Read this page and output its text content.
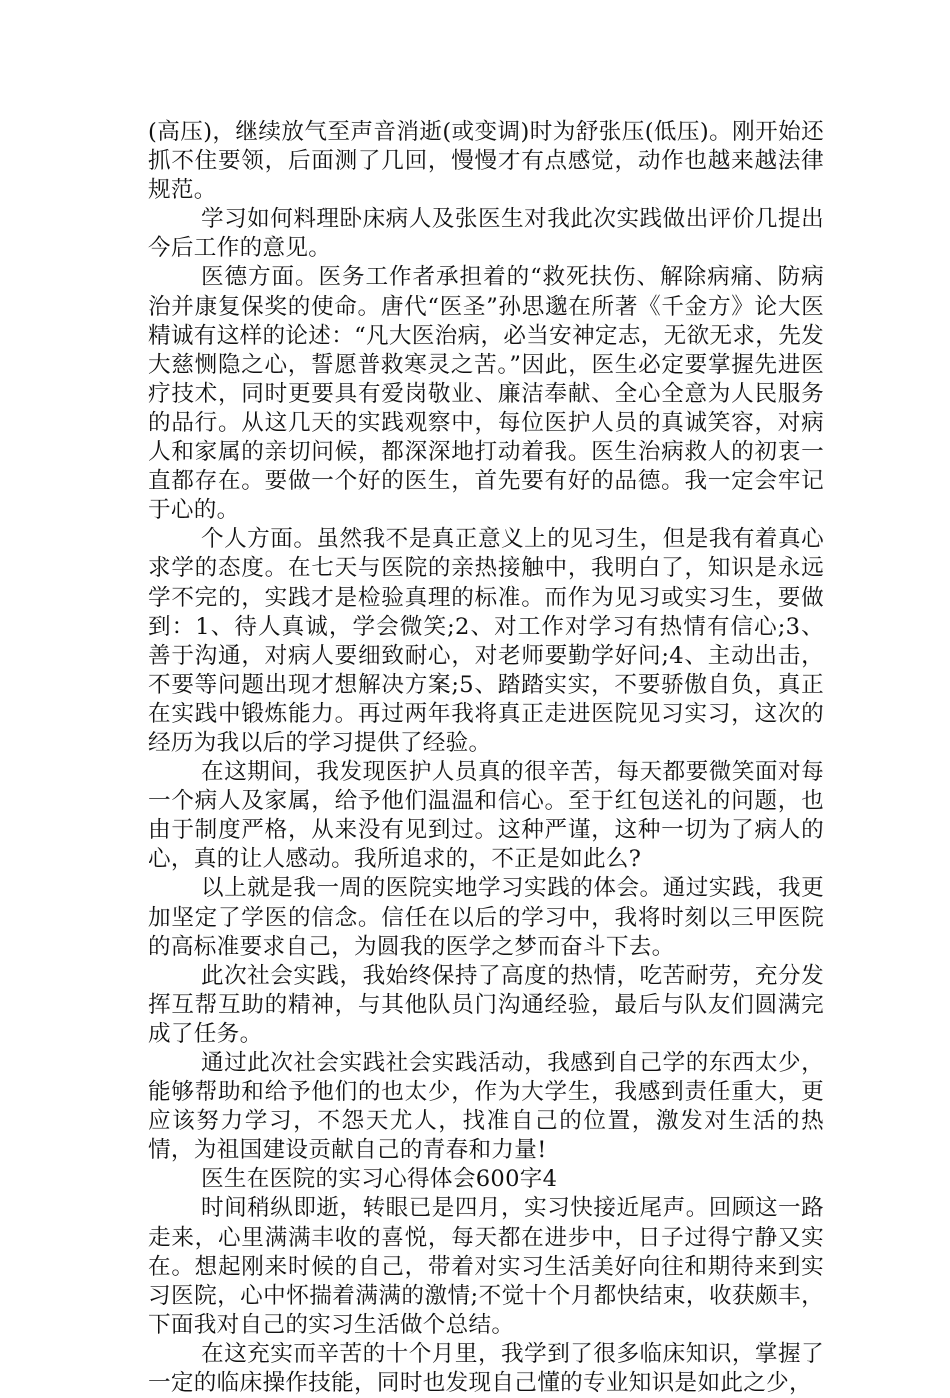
(高压)，继续放气至声音消逝(或变调)时为舒张压(低压)。刚开始还抓不住要领，后面测了几回，慢慢才有点感觉，动作也越来越法律规范。

学习如何料理卧床病人及张医生对我此次实践做出评价几提出今后工作的意见。

医德方面。医务工作者承担着的“救死扶伤、解除病痛、防病治并康复保奖的使命。唐代“医圣”孙思邈在所著《千金方》论大医精诚有这样的论述：“凡大医治病，必当安神定志，无欲无求，先发大慈恻隐之心，誓愿普救寒灵之苦。”因此，医生必定要掌握先进医疗技术，同时更要具有爱岗敬业、廉洁奉献、全心全意为人民服务的品行。从这几天的实践观察中，每位医护人员的真诚笑容，对病人和家属的亲切问候，都深深地打动着我。医生治病救人的初衷一直都存在。要做一个好的医生，首先要有好的品德。我一定会牢记于心的。

个人方面。虽然我不是真正意义上的见习生，但是我有着真心求学的态度。在七天与医院的亲热接触中，我明白了，知识是永远学不完的，实践才是检验真理的标准。而作为见习或实习生，要做到：1、待人真诚，学会微笑;2、对工作对学习有热情有信心;3、善于沟通，对病人要细致耐心，对老师要勤学好问;4、主动出击，不要等问题出现才想解决方案;5、踏踏实实，不要骄傲自负，真正在实践中锻炼能力。再过两年我将真正走进医院见习实习，这次的经历为我以后的学习提供了经验。

在这期间，我发现医护人员真的很辛苦，每天都要微笑面对每一个病人及家属，给予他们温温和信心。至于红包送礼的问题，也由于制度严格，从来没有见到过。这种严谨，这种一切为了病人的心，真的让人感动。我所追求的，不正是如此么?

以上就是我一周的医院实地学习实践的体会。通过实践，我更加坚定了学医的信念。信任在以后的学习中，我将时刻以三甲医院的高标准要求自己，为圆我的医学之梦而奋斗下去。

此次社会实践，我始终保持了高度的热情，吃苦耐劳，充分发挥互帮互助的精神，与其他队员门沟通经验，最后与队友们圆满完成了任务。

通过此次社会实践社会实践活动，我感到自己学的东西太少，能够帮助和给予他们的也太少，作为大学生，我感到责任重大，更应该努力学习，不怨天尤人，找准自己的位置，激发对生活的热情，为祖国建设贡献自己的青春和力量!

医生在医院的实习心得体会600字4

时间稍纵即逝，转眼已是四月，实习快接近尾声。回顾这一路走来，心里满满丰收的喜悦，每天都在进步中，日子过得宁静又实在。想起刚来时候的自己，带着对实习生活美好向往和期待来到实习医院，心中怀揣着满满的激情;不觉十个月都快结束，收获颇丰，下面我对自己的实习生活做个总结。

在这充实而辛苦的十个月里，我学到了很多临床知识，掌握了一定的临床操作技能，同时也发现自己懂的专业知识是如此之少，
